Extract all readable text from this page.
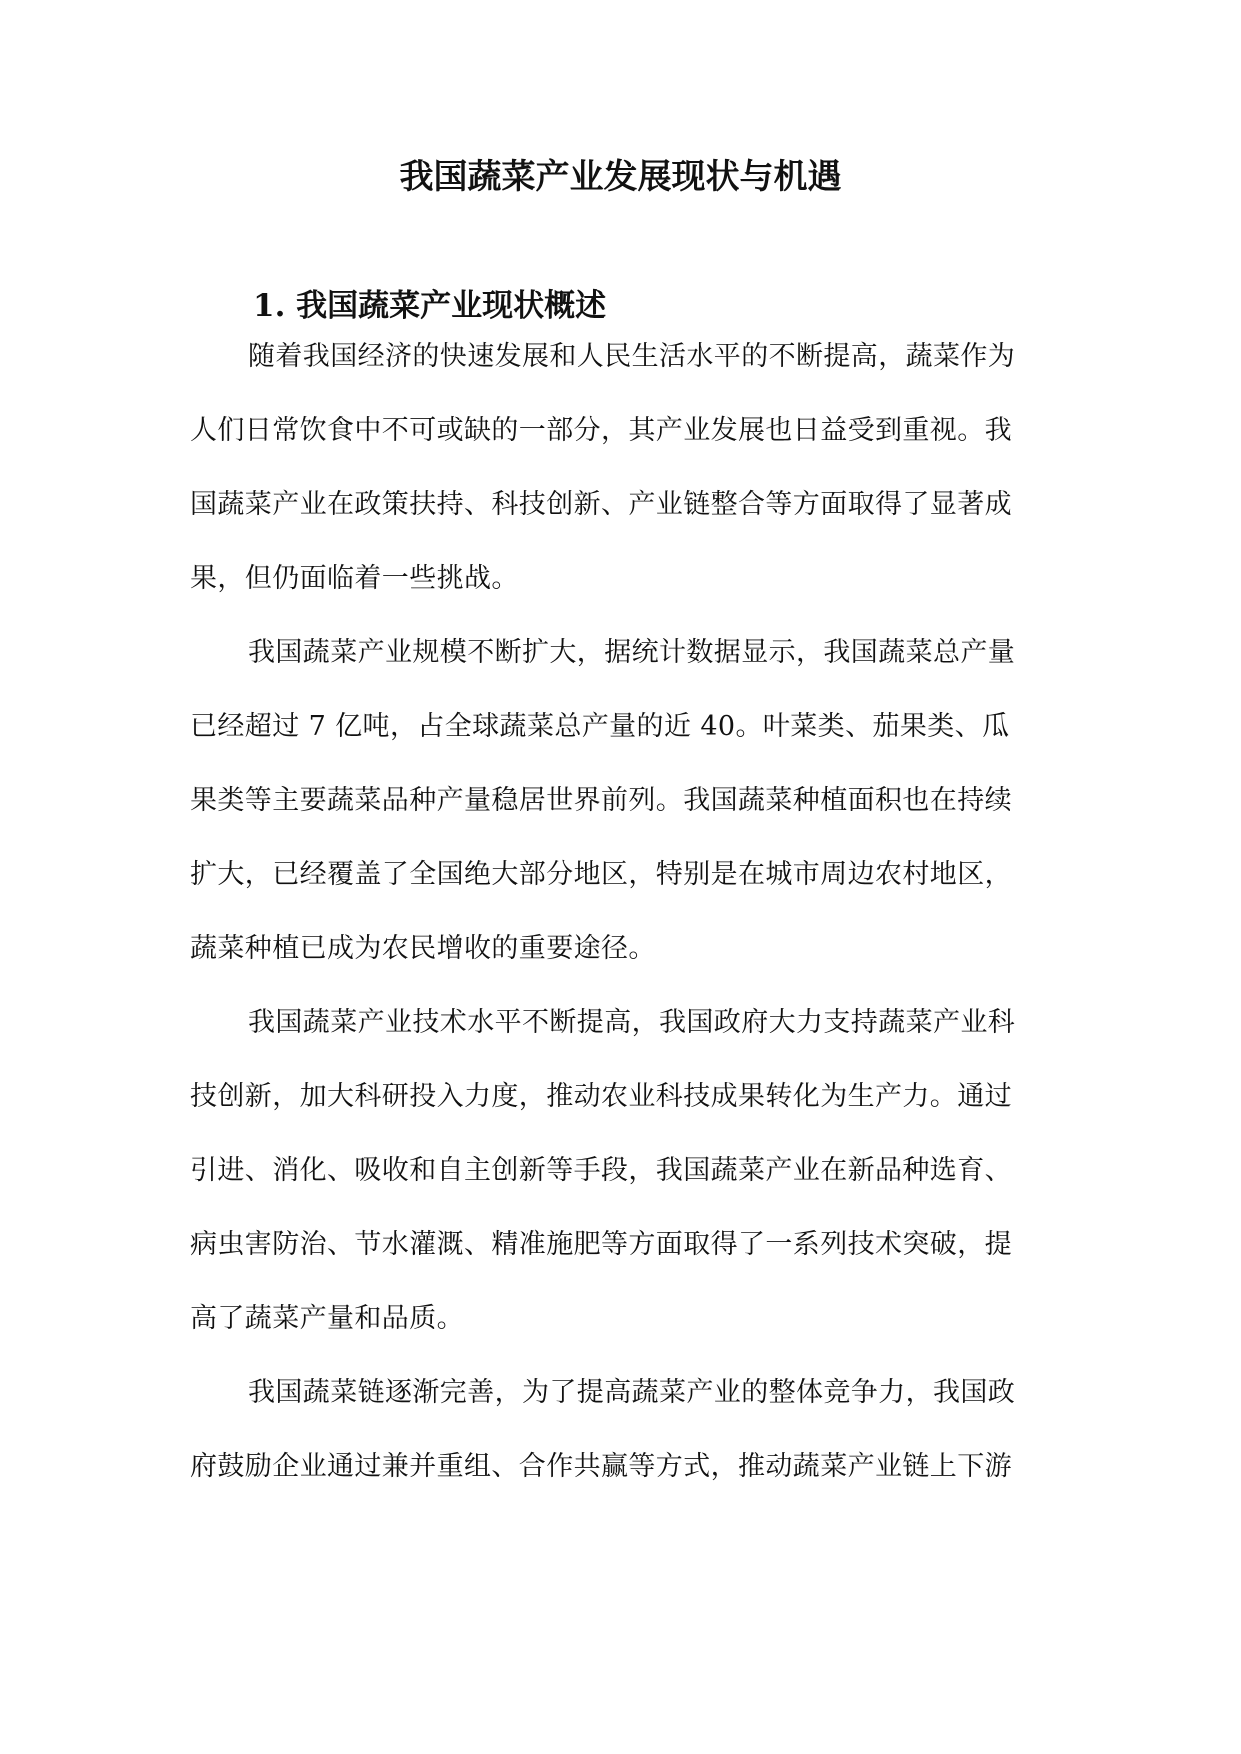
我国蔬菜产业发展现状与机遇
1. 我国蔬菜产业现状概述

随着我国经济的快速发展和人民生活水平的不断提高，蔬菜作为
人们日常饮食中不可或缺的一部分，其产业发展也日益受到重视。我
国蔬菜产业在政策扶持、科技创新、产业链整合等方面取得了显著成
果，但仍面临着一些挑战。

我国蔬菜产业规模不断扩大，据统计数据显示，我国蔬菜总产量
已经超过 7 亿吨，占全球蔬菜总产量的近 40。叶菜类、茄果类、瓜
果类等主要蔬菜品种产量稳居世界前列。我国蔬菜种植面积也在持续
扩大，已经覆盖了全国绝大部分地区，特别是在城市周边农村地区，
蔬菜种植已成为农民增收的重要途径。

我国蔬菜产业技术水平不断提高，我国政府大力支持蔬菜产业科
技创新，加大科研投入力度，推动农业科技成果转化为生产力。通过
引进、消化、吸收和自主创新等手段，我国蔬菜产业在新品种选育、
病虫害防治、节水灌溉、精准施肥等方面取得了一系列技术突破，提
高了蔬菜产量和品质。

我国蔬菜链逐渐完善，为了提高蔬菜产业的整体竞争力，我国政
府鼓励企业通过兼并重组、合作共赢等方式，推动蔬菜产业链上下游
